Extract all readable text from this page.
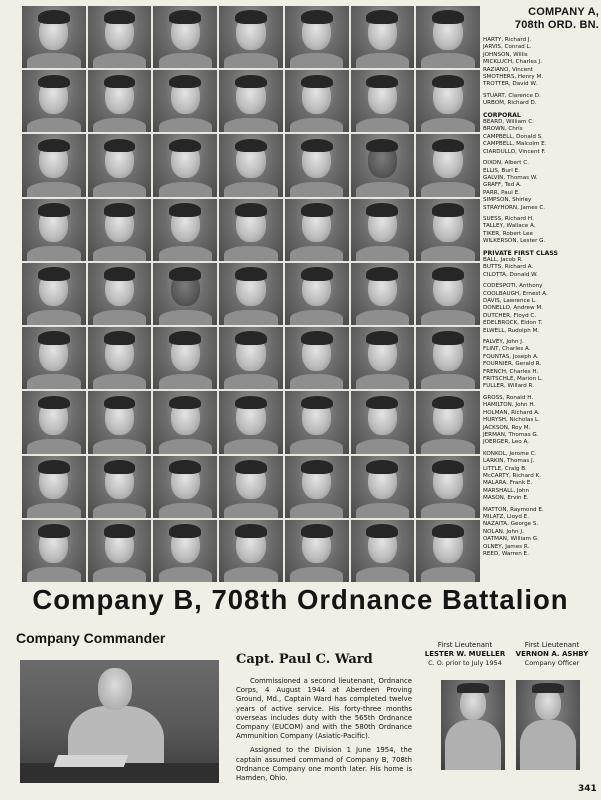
COMPANY A,
708th ORD. BN.
HARTY, Richard J.
JARVIS, Conrad L.
JOHNSON, Willis
MICKLUCH, Charles J.
RAZIANO, Vincent
SMOTHERS, Henry M.
TROTTER, David W.
STUART, Clarence D.
URBOM, Richard D.
CORPORAL
BEARD, William C.
BROWN, Chris
CAMPBELL, Donald S.
CAMPBELL, Malcolm E.
CIARDULLO, Vincent F.
DIXON, Albert C.
ELLIS, Burl E.
GALVIN, Thomas W.
GRAFF, Ted A.
PARR, Paul E.
SIMPSON, Shirley
STRAYHORN, James C.
SUESS, Richard H.
TALLEY, Wallace A.
TIKER, Robert Lee
WILKERSON, Lester G.
PRIVATE FIRST CLASS
BALL, Jacob R.
BUTTS, Richard A.
CILOTTA, Donald W.
CODESPOTI, Anthony
COOLBAUGH, Ernest A.
DAVIS, Lawrence L.
DONELLO, Andrew M.
DUTCHER, Floyd C.
EDELBROCK, Eldon T.
ELWELL, Rudolph M.
FALVEY, John J.
FLINT, Charles A.
FOUNTAS, Joseph A.
FOURNIER, Gerald R.
FRENCH, Charles H.
FRITSCHLE, Marion L.
FULLER, Willard R.
GROSS, Ronald H.
HAMILTON, John H.
HOLMAN, Richard A.
HURYSH, Nicholas L.
JACKSON, Roy M.
JERMAN, Thomas G.
JOERGER, Leo A.
KONKOL, Jerome C.
LARKIN, Thomas J.
LITTLE, Craig B.
McCARTY, Richard K.
MALARA, Frank E.
MARSHALL, John
MASON, Ervin E.
MATTON, Raymond E.
MILATZ, Lloyd E.
NAZAITA, George S.
NOLAN, John J.
OATMAN, William G.
OLNEY, James R.
REED, Warren E.
Company B, 708th Ordnance Battalion
Company Commander
Capt. Paul C. Ward

Commissioned a second lieutenant, Ordnance Corps, 4 August 1944 at Aberdeen Proving Ground, Md., Captain Ward has completed twelve years of active service. His forty-three months overseas includes duty with the 565th Ordnance Company (EUCOM) and with the 580th Ordnance Ammunition Company (Asiatic-Pacific).

Assigned to the Division 1 June 1954, the captain assumed command of Company B, 708th Ordnance Company one month later. His home is Hamden, Ohio.

First Lieutenant
LESTER W. MUELLER
C. O. prior to July 1954
First Lieutenant
VERNON A. ASHBY
Company Officer
341
